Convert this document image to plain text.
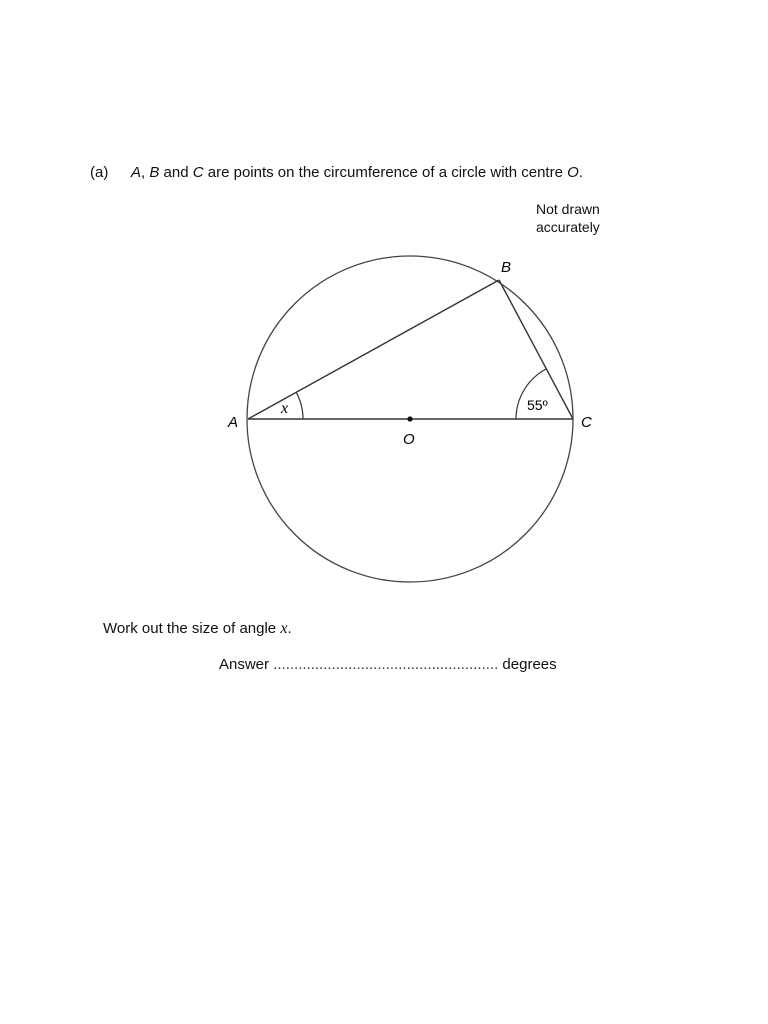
(a) A, B and C are points on the circumference of a circle with centre O.
Not drawn
accurately
A
B
C
O
x	55º
Work out the size of angle x.
Answer ...................................................... degrees
